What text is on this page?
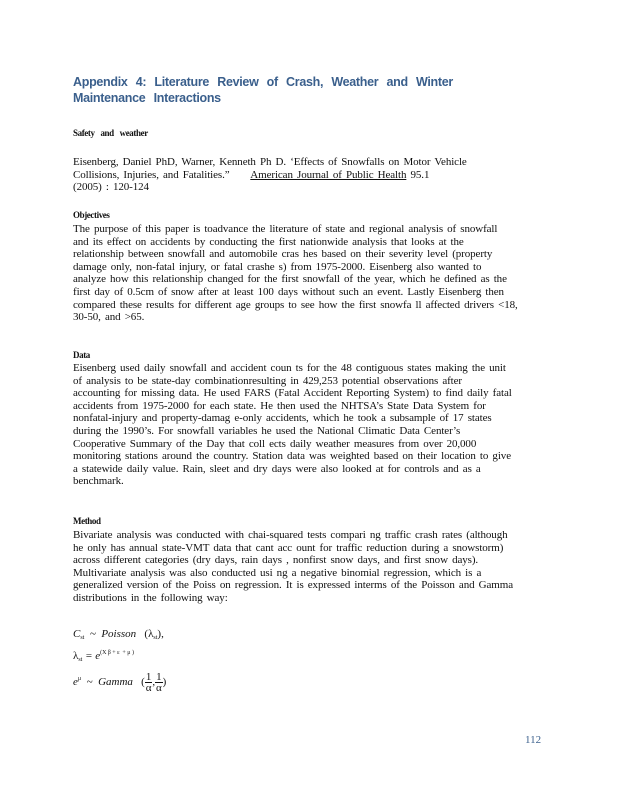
Appendix 4: Literature Review of Crash, Weather and Winter
Maintenance Interactions
Safety and weather
Eisenberg, Daniel PhD, Warner, Kenneth Ph D. ‘Effects of Snowfalls on Motor Vehicle
Collisions, Injuries, and Fatalities.” American Journal of Public Health 95.1
(2005) : 120-124
Objectives
The purpose of this paper is toadvance the literature of state and regional analysis of snowfall
and its effect on accidents by conducting the first nationwide analysis that looks at the
relationship between snowfall and automobile cras hes based on their severity level (property
damage only, non-fatal injury, or fatal crashe s) from 1975-2000. Eisenberg also wanted to
analyze how this relationship changed for the first snowfall of the year, which he defined as the
first day of 0.5cm of snow after at least 100 days without such an event. Lastly Eisenberg then
compared these results for different age groups to see how the first snowfa ll affected drivers <18,
30-50, and >65.
Data
Eisenberg used daily snowfall and accident coun ts for the 48 contiguous states making the unit
of analysis to be state-day combinationresulting in 429,253 potential observations after
accounting for missing data. He used FARS (Fatal Accident Reporting System) to find daily fatal
accidents from 1975-2000 for each state. He then used the NHTSA’s State Data System for
nonfatal-injury and property-damag e-only accidents, which he took a subsample of 17 states
during the 1990’s. For snowfall variables he used the National Climatic Data Center’s
Cooperative Summary of the Day that coll ects daily weather measures from over 20,000
monitoring stations around the country. Station data was weighted based on their location to give
a statewide daily value. Rain, sleet and dry days were also looked at for controls and as a
benchmark.
Method
Bivariate analysis was conducted with chai-squared tests compari ng traffic crash rates (although
he only has annual state-VMT data that cant acc ount for traffic reduction during a snowstorm)
across different categories (dry days, rain days , nonfirst snow days, and first snow days).
Multivariate analysis was also conducted usi ng a negative binomial regression, which is a
generalized version of the Poiss on regression. It is expressed interms of the Poisson and Gamma
distributions in the following way:
$C_{st}$  ~  Poisson $(\lambda_{st})$,
$\lambda_{st} = e^{(X \beta + \varepsilon + \mu )}$
$e^\mu$  ~  Gamma ( $\frac{1}{\alpha}$ , $\frac{1}{\alpha}$ )
112
